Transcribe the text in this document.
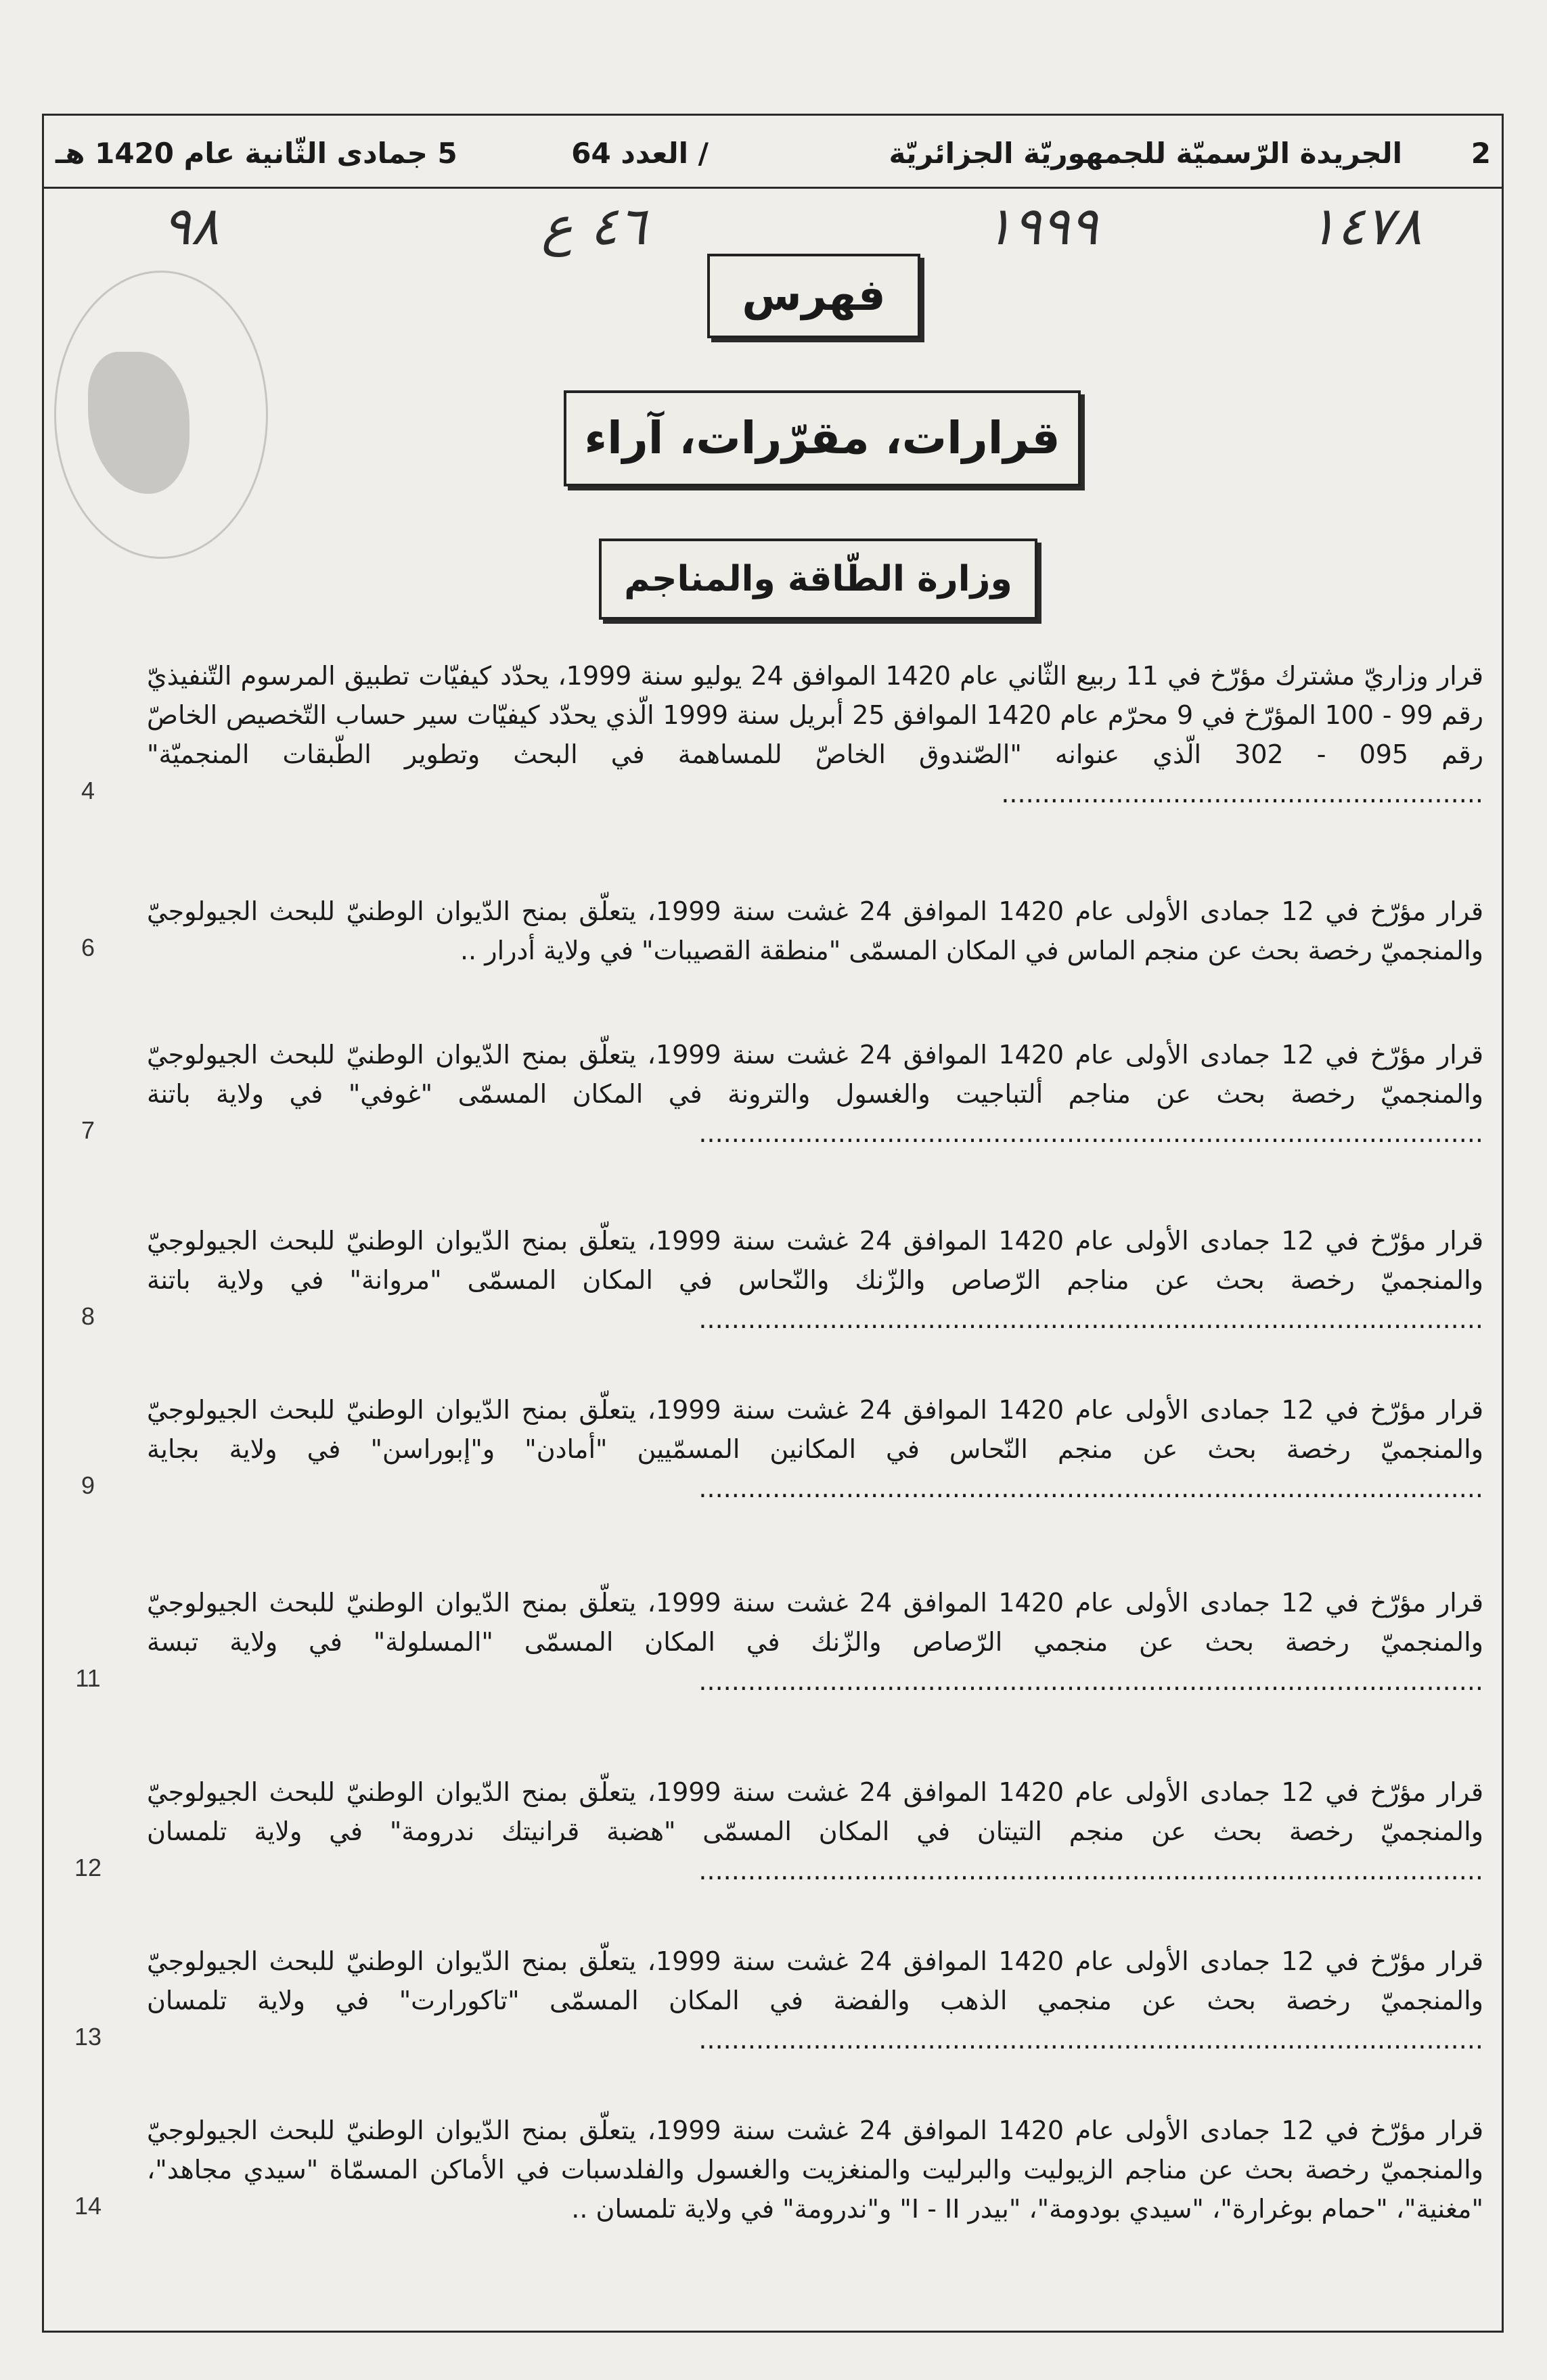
2
الجريدة الرّسميّة للجمهوريّة الجزائريّة
/ العدد 64
5 جمادى الثّانية عام 1420 هـ
١٤٧٨
١٩٩٩
٤٦ ع
٩٨
فهرس
قرارات، مقرّرات، آراء
وزارة الطّاقة والمناجم
قرار وزاريّ مشترك مؤرّخ في 11 ربيع الثّاني عام 1420 الموافق 24 يوليو سنة 1999، يحدّد كيفيّات تطبيق المرسوم التّنفيذيّ رقم 99 - 100 المؤرّخ في 9 محرّم عام 1420 الموافق 25 أبريل سنة 1999 الّذي يحدّد كيفيّات سير حساب التّخصيص الخاصّ رقم 095 - 302 الّذي عنوانه "الصّندوق الخاصّ للمساهمة في البحث وتطوير الطّبقات المنجميّة" ...........................................................
4
قرار مؤرّخ في 12 جمادى الأولى عام 1420 الموافق 24 غشت سنة 1999، يتعلّق بمنح الدّيوان الوطنيّ للبحث الجيولوجيّ والمنجميّ رخصة بحث عن منجم الماس في المكان المسمّى "منطقة القصيبات" في ولاية أدرار ..
6
قرار مؤرّخ في 12 جمادى الأولى عام 1420 الموافق 24 غشت سنة 1999، يتعلّق بمنح الدّيوان الوطنيّ للبحث الجيولوجيّ والمنجميّ رخصة بحث عن مناجم ألتباجيت والغسول والترونة في المكان المسمّى "غوفي" في ولاية باتنة ................................................................................................
7
قرار مؤرّخ في 12 جمادى الأولى عام 1420 الموافق 24 غشت سنة 1999، يتعلّق بمنح الدّيوان الوطنيّ للبحث الجيولوجيّ والمنجميّ رخصة بحث عن مناجم الرّصاص والزّنك والنّحاس في المكان المسمّى "مروانة" في ولاية باتنة ................................................................................................
8
قرار مؤرّخ في 12 جمادى الأولى عام 1420 الموافق 24 غشت سنة 1999، يتعلّق بمنح الدّيوان الوطنيّ للبحث الجيولوجيّ والمنجميّ رخصة بحث عن منجم النّحاس في المكانين المسمّيين "أمادن" و"إبوراسن" في ولاية بجاية ................................................................................................
9
قرار مؤرّخ في 12 جمادى الأولى عام 1420 الموافق 24 غشت سنة 1999، يتعلّق بمنح الدّيوان الوطنيّ للبحث الجيولوجيّ والمنجميّ رخصة بحث عن منجمي الرّصاص والزّنك في المكان المسمّى "المسلولة" في ولاية تبسة ................................................................................................
11
قرار مؤرّخ في 12 جمادى الأولى عام 1420 الموافق 24 غشت سنة 1999، يتعلّق بمنح الدّيوان الوطنيّ للبحث الجيولوجيّ والمنجميّ رخصة بحث عن منجم التيتان في المكان المسمّى "هضبة قرانيتك ندرومة" في ولاية تلمسان ................................................................................................
12
قرار مؤرّخ في 12 جمادى الأولى عام 1420 الموافق 24 غشت سنة 1999، يتعلّق بمنح الدّيوان الوطنيّ للبحث الجيولوجيّ والمنجميّ رخصة بحث عن منجمي الذهب والفضة في المكان المسمّى "تاكورارت" في ولاية تلمسان ................................................................................................
13
قرار مؤرّخ في 12 جمادى الأولى عام 1420 الموافق 24 غشت سنة 1999، يتعلّق بمنح الدّيوان الوطنيّ للبحث الجيولوجيّ والمنجميّ رخصة بحث عن مناجم الزيوليت والبرليت والمنغزيت والغسول والفلدسبات في الأماكن المسمّاة "سيدي مجاهد"، "مغنية"، "حمام بوغرارة"، "سيدي بودومة"، "بيدر I - II" و"ندرومة" في ولاية تلمسان ..
14
